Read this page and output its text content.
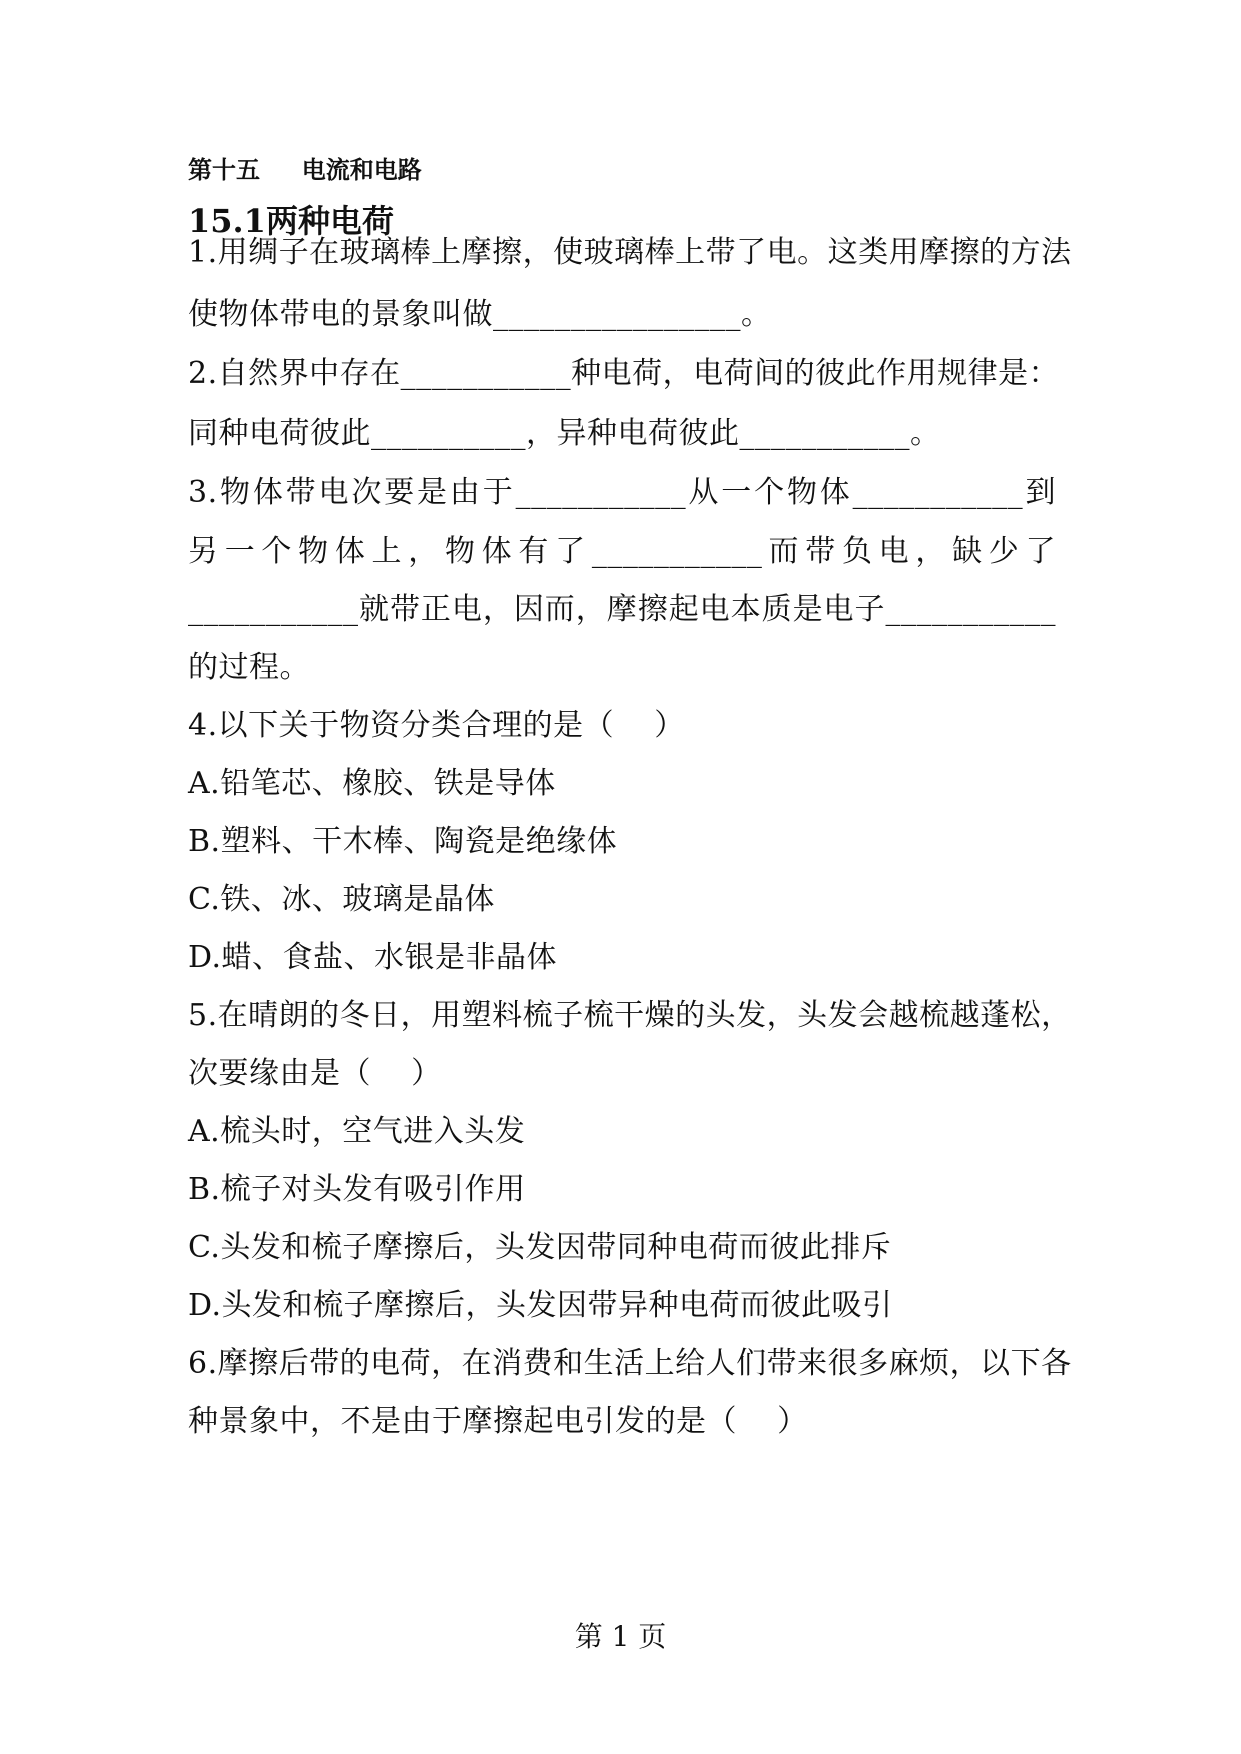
第十五     电流和电路
15.1两种电荷
1.用绸子在玻璃棒上摩擦，使玻璃棒上带了电。这类用摩擦的方法
使物体带电的景象叫做________________。
2.自然界中存在___________种电荷，电荷间的彼此作用规律是：
同种电荷彼此__________，异种电荷彼此___________。
3.物体带电次要是由于___________从一个物体___________到
另一个物体上，物体有了___________而带负电，缺少了
___________就带正电，因而，摩擦起电本质是电子___________
的过程。
4.以下关于物资分类合理的是（    ）
A.铅笔芯、橡胶、铁是导体
B.塑料、干木棒、陶瓷是绝缘体
C.铁、冰、玻璃是晶体
D.蜡、食盐、水银是非晶体
5.在晴朗的冬日，用塑料梳子梳干燥的头发，头发会越梳越蓬松，
次要缘由是（    ）
A.梳头时，空气进入头发
B.梳子对头发有吸引作用
C.头发和梳子摩擦后，头发因带同种电荷而彼此排斥
D.头发和梳子摩擦后，头发因带异种电荷而彼此吸引
6.摩擦后带的电荷，在消费和生活上给人们带来很多麻烦，以下各
种景象中，不是由于摩擦起电引发的是（    ）
第 1 页
